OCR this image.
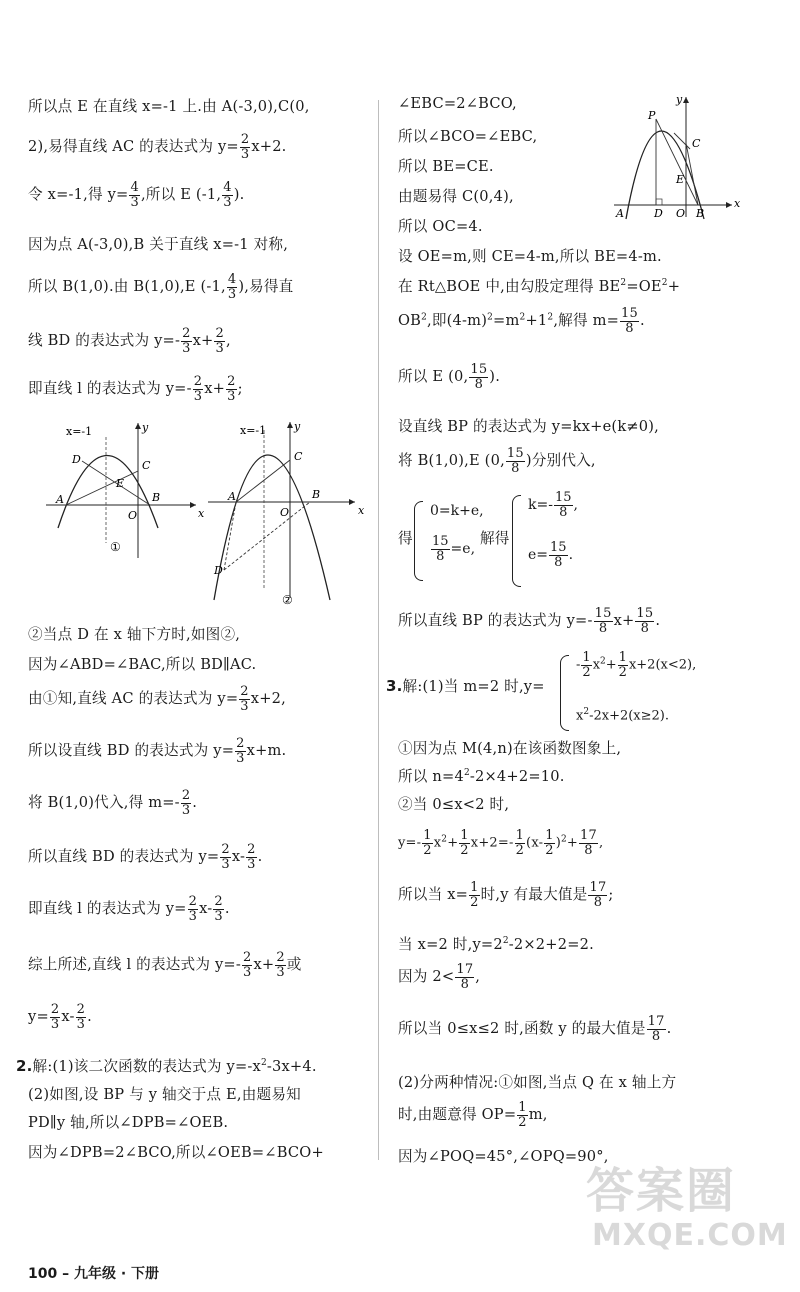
所以点 E 在直线 x=-1 上.由 A(-3,0),C(0,
2),易得直线 AC 的表达式为 $y= \frac{2}{3} x+2$.
令 x=-1,得 $y= \frac{4}{3}$ ,所以 E (-1, $\frac{4}{3}$ ).
因为点 A(-3,0),B 关于直线 x=-1 对称,
所以 B(1,0).由 B(1,0),E (-1, $\frac{4}{3}$ ),易得直
线 BD 的表达式为 $y=- \frac{2}{3} x+ \frac{2}{3}$ ,
即直线 l 的表达式为 $y=- \frac{2}{3} x+ \frac{2}{3}$ ;
x=-1	y
x
D	C
E
A	B
O
①
x=-1	y
x
C
A	B
O
D
②
②当点 D 在 x 轴下方时,如图②,
因为∠ABD=∠BAC,所以 BD∥AC.
由①知,直线 AC 的表达式为 $y= \frac{2}{3} x+2$,
所以设直线 BD 的表达式为 $y= \frac{2}{3} x+m$.
将 B(1,0)代入,得 $m=- \frac{2}{3}$ .
所以直线 BD 的表达式为 $y= \frac{2}{3} x- \frac{2}{3}$ .
即直线 l 的表达式为 $y= \frac{2}{3} x- \frac{2}{3}$ .
综上所述,直线 l 的表达式为 $y=- \frac{2}{3} x+ \frac{2}{3}$ 或
$y= \frac{2}{3} x- \frac{2}{3}$ .
2.解:(1)该二次函数的表达式为 $y=-x^2-3x+4$.
(2)如图,设 BP 与 y 轴交于点 E,由题易知
PD∥y 轴,所以∠DPB=∠OEB.
因为∠DPB=2∠BCO,所以∠OEB=∠BCO+
100 – 九年级 · 下册
∠EBC=2∠BCO,
所以∠BCO=∠EBC,
所以 BE=CE.
由题易得 C(0,4),
所以 OC=4.
P
y
x
C
E
A	D O B
设 OE=m,则 CE=4-m,所以 BE=4-m.
在 Rt△BOE 中,由勾股定理得 $BE^2=OE^2+$
$OB^2$,即$(4-m)^2=m^2+1^2$,解得 $m= \frac{15}{8}$ .
所以 E (0, $\frac{15}{8}$ ).
设直线 BP 的表达式为 y=kx+e(k≠0),
将 B(1,0),E (0, $\frac{15}{8}$ )分别代入,
得
0=k+e,
$\frac{15}{8} =e$,
解得
$k=- \frac{15}{8}$ ,
$e= \frac{15}{8}$ .
所以直线 BP 的表达式为 $y=- \frac{15}{8} x+ \frac{15}{8}$ .
3.解:(1)当 m=2 时,y=
- $\frac{1}{2} x^2+ \frac{1}{2} x+2(x<2)$,
$x^2-2x+2(x\ge 2)$.
①因为点 M(4,n)在该函数图象上,
所以 $n=4^2-2\times 4+2=10$.
②当 0≤x<2 时,
$y=- \frac{1}{2} x^2+ \frac{1}{2} x+2=- \frac{1}{2} (x- \frac{1}{2} )^2+ \frac{17}{8}$ ,
所以当 $x= \frac{1}{2}$ 时,y 有最大值是 $\frac{17}{8}$ ;
当 x=2 时$,y=2^2-2\times 2+2=2$.
因为 $2< \frac{17}{8}$ ,
所以当 0≤x≤2 时,函数 y 的最大值是 $\frac{17}{8}$ .
(2)分两种情况:①如图,当点 Q 在 x 轴上方
时,由题意得 $OP= \frac{1}{2} m$,
因为∠POQ=45°,∠OPQ=90°,
答案圈
MXQE.COM
